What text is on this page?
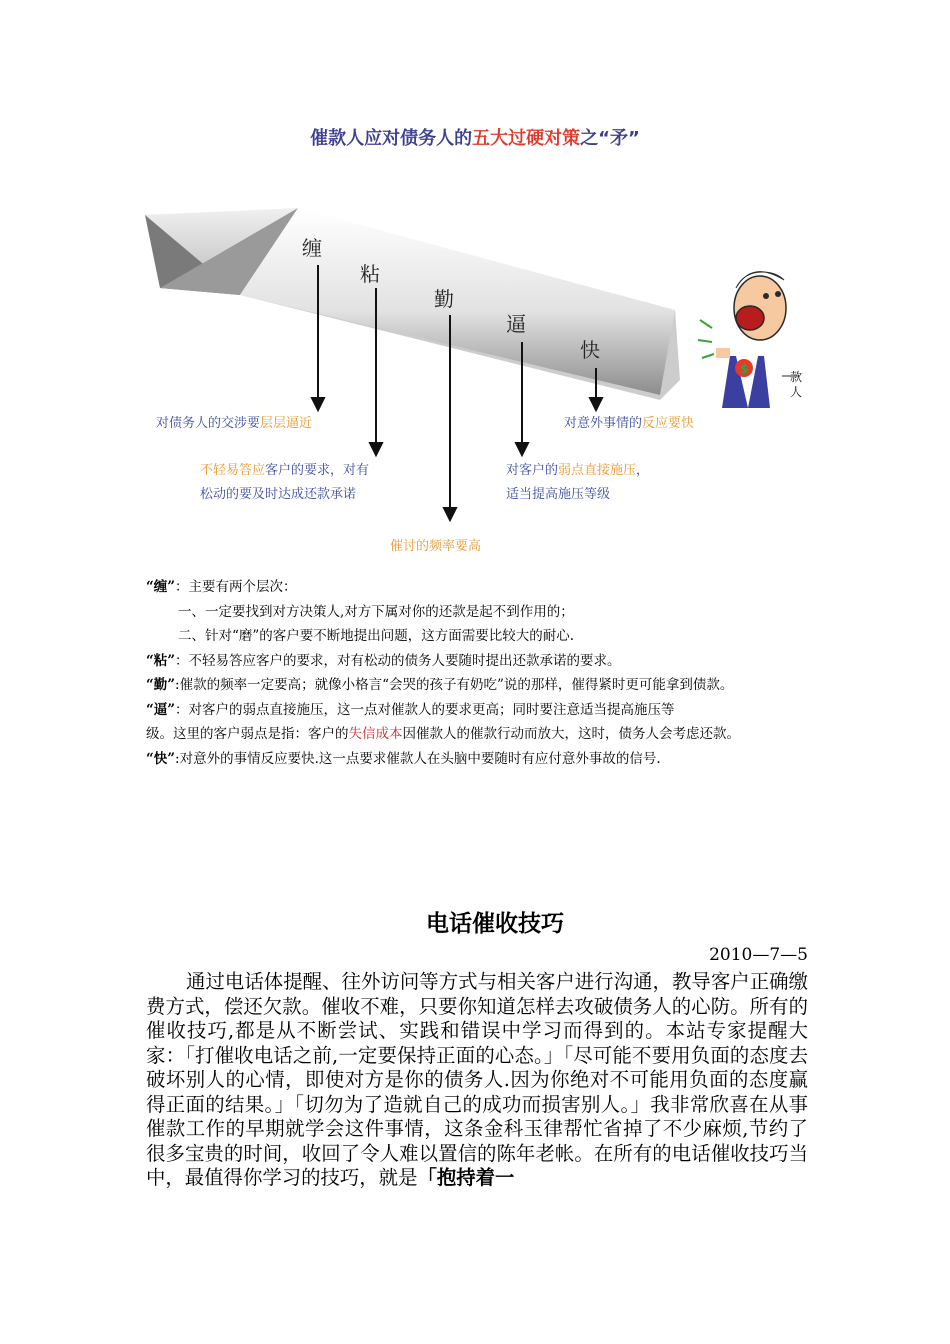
催款人应对债务人的五大过硬对策之“矛”
缠
粘
勤
逼
快
$
款人
对债务人的交涉要层层逼近
不轻易答应客户的要求，对有
松动的要及时达成还款承诺
催讨的频率要高
对客户的弱点直接施压，
适当提高施压等级
对意外事情的反应要快

“缠”：主要有两个层次：

一、一定要找到对方决策人,对方下属对你的还款是起不到作用的；

二、针对“磨”的客户要不断地提出问题，这方面需要比较大的耐心.

“粘”：不轻易答应客户的要求，对有松动的债务人要随时提出还款承诺的要求。

“勤”:催款的频率一定要高；就像小格言“会哭的孩子有奶吃”说的那样，催得紧时更可能拿到债款。

“逼”：对客户的弱点直接施压，这一点对催款人的要求更高；同时要注意适当提高施压等
级。这里的客户弱点是指：客户的失信成本因催款人的催款行动而放大，这时，债务人会考虑还款。

“快”:对意外的事情反应要快.这一点要求催款人在头脑中要随时有应付意外事故的信号.

电话催收技巧
2010—7—5

通过电话体提醒、往外访问等方式与相关客户进行沟通，教导客户正确缴费方式，偿还欠款。催收不难，只要你知道怎样去攻破债务人的心防。所有的催收技巧,都是从不断尝试、实践和错误中学习而得到的。本站专家提醒大家：「打催收电话之前,一定要保持正面的心态。」「尽可能不要用负面的态度去破坏别人的心情，即使对方是你的债务人.因为你绝对不可能用负面的态度赢得正面的结果。」「切勿为了造就自己的成功而损害别人。」我非常欣喜在从事催款工作的早期就学会这件事情，这条金科玉律帮忙省掉了不少麻烦,节约了很多宝贵的时间，收回了令人难以置信的陈年老帐。在所有的电话催收技巧当中，最值得你学习的技巧，就是「抱持着一
